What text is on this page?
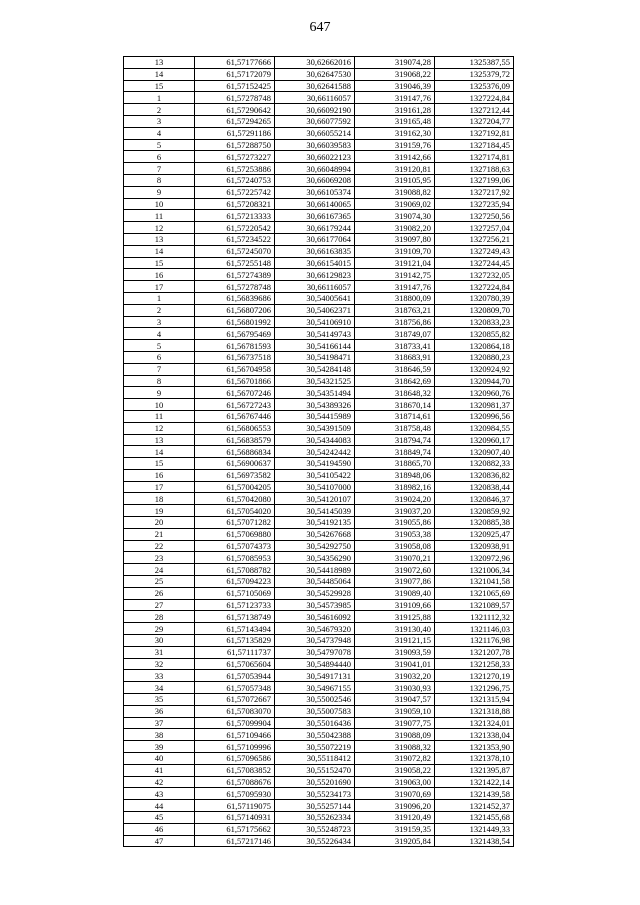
647
13	61,57177666	30,62662016	319074,28	1325387,55
14	61,57172079	30,62647530	319068,22	1325379,72
15	61,57152425	30,62641588	319046,39	1325376,09
1	61,57278748	30,66116057	319147,76	1327224,84
2	61,57290642	30,66092190	319161,28	1327212,44
3	61,57294265	30,66077592	319165,48	1327204,77
4	61,57291186	30,66055214	319162,30	1327192,81
5	61,57288750	30,66039583	319159,76	1327184,45
6	61,57273227	30,66022123	319142,66	1327174,81
7	61,57253886	30,66048994	319120,81	1327188,63
8	61,57240753	30,66069208	319105,95	1327199,06
9	61,57225742	30,66105374	319088,82	1327217,92
10	61,57208321	30,66140065	319069,02	1327235,94
11	61,57213333	30,66167365	319074,30	1327250,56
12	61,57220542	30,66179244	319082,20	1327257,04
13	61,57234522	30,66177064	319097,80	1327256,21
14	61,57245070	30,66163835	319109,70	1327249,43
15	61,57255148	30,66154015	319121,04	1327244,45
16	61,57274389	30,66129823	319142,75	1327232,05
17	61,57278748	30,66116057	319147,76	1327224,84
1	61,56839686	30,54005641	318800,09	1320780,39
2	61,56807206	30,54062371	318763,21	1320809,70
3	61,56801992	30,54106910	318756,86	1320833,23
4	61,56795469	30,54149743	318749,07	1320855,82
5	61,56781593	30,54166144	318733,41	1320864,18
6	61,56737518	30,54198471	318683,91	1320880,23
7	61,56704958	30,54284148	318646,59	1320924,92
8	61,56701866	30,54321525	318642,69	1320944,70
9	61,56707246	30,54351494	318648,32	1320960,76
10	61,56727243	30,54389326	318670,14	1320981,37
11	61,56767446	30,54415989	318714,61	1320996,56
12	61,56806553	30,54391509	318758,48	1320984,55
13	61,56838579	30,54344083	318794,74	1320960,17
14	61,56886834	30,54242442	318849,74	1320907,40
15	61,56900637	30,54194590	318865,70	1320882,33
16	61,56973582	30,54105422	318948,06	1320836,82
17	61,57004205	30,54107000	318982,16	1320838,44
18	61,57042080	30,54120107	319024,20	1320846,37
19	61,57054020	30,54145039	319037,20	1320859,92
20	61,57071282	30,54192135	319055,86	1320885,38
21	61,57069880	30,54267668	319053,38	1320925,47
22	61,57074373	30,54292750	319058,08	1320938,91
23	61,57085953	30,54356290	319070,21	1320972,96
24	61,57088782	30,54418989	319072,60	1321006,34
25	61,57094223	30,54485064	319077,86	1321041,58
26	61,57105069	30,54529928	319089,40	1321065,69
27	61,57123733	30,54573985	319109,66	1321089,57
28	61,57138749	30,54616092	319125,88	1321112,32
29	61,57143494	30,54679320	319130,40	1321146,03
30	61,57135829	30,54737948	319121,15	1321176,98
31	61,57111737	30,54797078	319093,59	1321207,78
32	61,57065604	30,54894440	319041,01	1321258,33
33	61,57053944	30,54917131	319032,20	1321270,19
34	61,57057348	30,54967155	319030,93	1321296,75
35	61,57072667	30,55002546	319047,57	1321315,94
36	61,57083070	30,55007583	319059,10	1321318,88
37	61,57099904	30,55016436	319077,75	1321324,01
38	61,57109466	30,55042388	319088,09	1321338,04
39	61,57109996	30,55072219	319088,32	1321353,90
40	61,57096586	30,55118412	319072,82	1321378,10
41	61,57083852	30,55152470	319058,22	1321395,87
42	61,57088676	30,55201690	319063,00	1321422,14
43	61,57095930	30,55234173	319070,69	1321439,58
44	61,57119075	30,55257144	319096,20	1321452,37
45	61,57140931	30,55262334	319120,49	1321455,68
46	61,57175662	30,55248723	319159,35	1321449,33
47	61,57217146	30,55226434	319205,84	1321438,54
